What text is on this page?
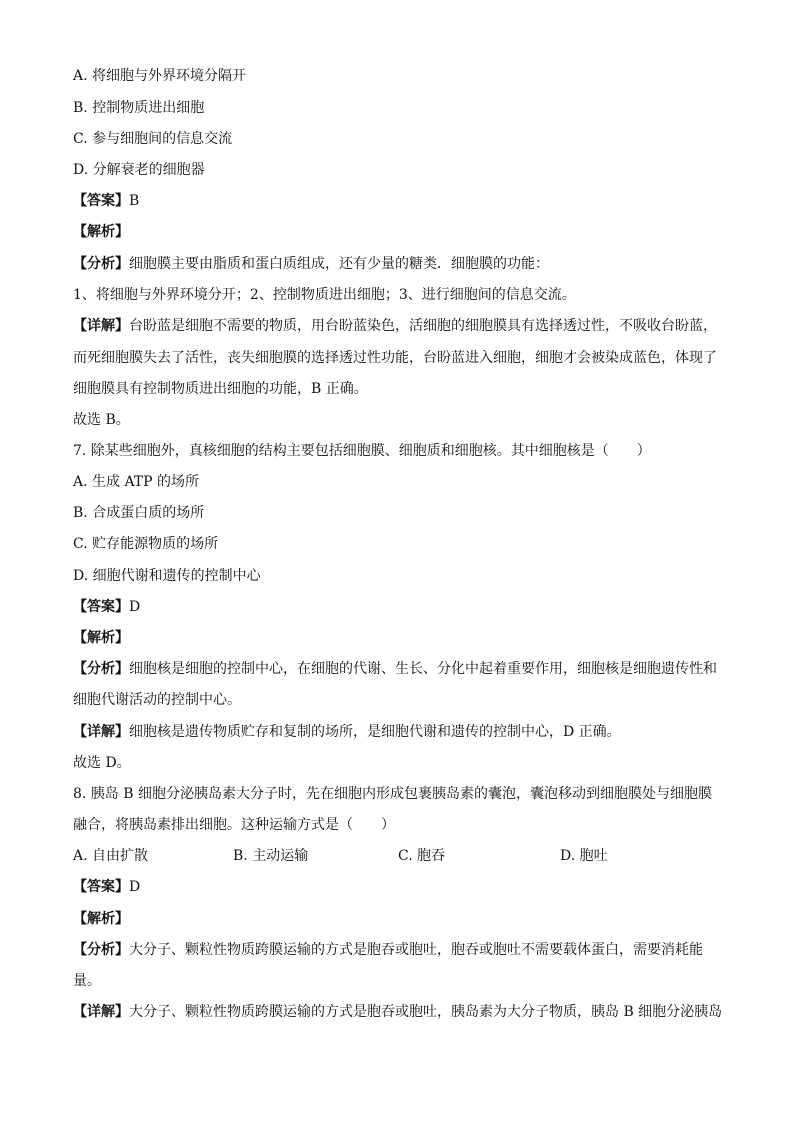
A. 将细胞与外界环境分隔开
B. 控制物质进出细胞
C. 参与细胞间的信息交流
D. 分解衰老的细胞器
【答案】B
【解析】
【分析】细胞膜主要由脂质和蛋白质组成，还有少量的糖类．细胞膜的功能：
1、将细胞与外界环境分开；2、控制物质进出细胞；3、进行细胞间的信息交流。
【详解】台盼蓝是细胞不需要的物质，用台盼蓝染色，活细胞的细胞膜具有选择透过性，不吸收台盼蓝，
而死细胞膜失去了活性，丧失细胞膜的选择透过性功能，台盼蓝进入细胞，细胞才会被染成蓝色，体现了
细胞膜具有控制物质进出细胞的功能，B 正确。
故选 B。
7. 除某些细胞外，真核细胞的结构主要包括细胞膜、细胞质和细胞核。其中细胞核是（　　）
A. 生成 ATP 的场所
B. 合成蛋白质的场所
C. 贮存能源物质的场所
D. 细胞代谢和遗传的控制中心
【答案】D
【解析】
【分析】细胞核是细胞的控制中心，在细胞的代谢、生长、分化中起着重要作用，细胞核是细胞遗传性和
细胞代谢活动的控制中心。
【详解】细胞核是遗传物质贮存和复制的场所，是细胞代谢和遗传的控制中心，D 正确。
故选 D。
8. 胰岛 B 细胞分泌胰岛素大分子时，先在细胞内形成包裹胰岛素的囊泡，囊泡移动到细胞膜处与细胞膜
融合，将胰岛素排出细胞。这种运输方式是（　　）
A. 自由扩散	B. 主动运输	C. 胞吞	D. 胞吐
【答案】D
【解析】
【分析】大分子、颗粒性物质跨膜运输的方式是胞吞或胞吐，胞吞或胞吐不需要载体蛋白，需要消耗能
量。
【详解】大分子、颗粒性物质跨膜运输的方式是胞吞或胞吐，胰岛素为大分子物质，胰岛 B 细胞分泌胰岛
